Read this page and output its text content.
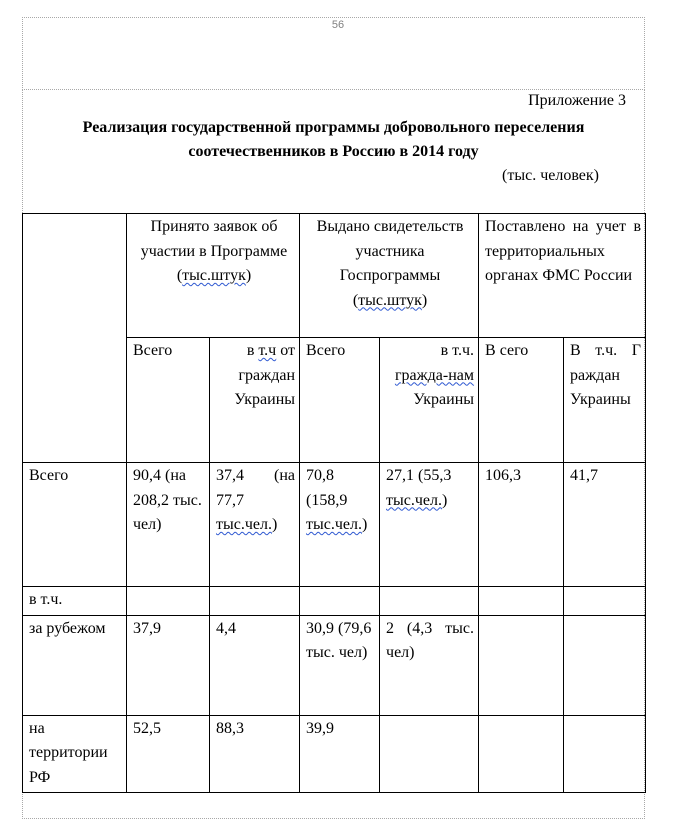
56
Приложение 3
Реализация государственной программы добровольного переселения
соотечественников в Россию в 2014 году
(тыс. человек)
	Принято заявок об участии в Программе (тыс.штук)		Выдано свидетельств участника Госпрограммы (тыс.штук)		Поставлено на учет в территориальных органах ФМС России	
	Всего	в т.ч от граждан Украины	Всего	в т.ч. гражда-нам Украины	В сего	В т.ч. Г раждан Украины
Всего	90,4 (на 208,2 тыс. чел)	37,4 (на 77,7 тыс.чел.)	70,8 (158,9 тыс.чел.)	27,1 (55,3 тыс.чел.)	106,3	41,7
в т.ч.						
за рубежом	37,9	4,4	30,9 (79,6 тыс. чел)	2 (4,3 тыс. чел)		
на территории РФ	52,5	88,3	39,9			
